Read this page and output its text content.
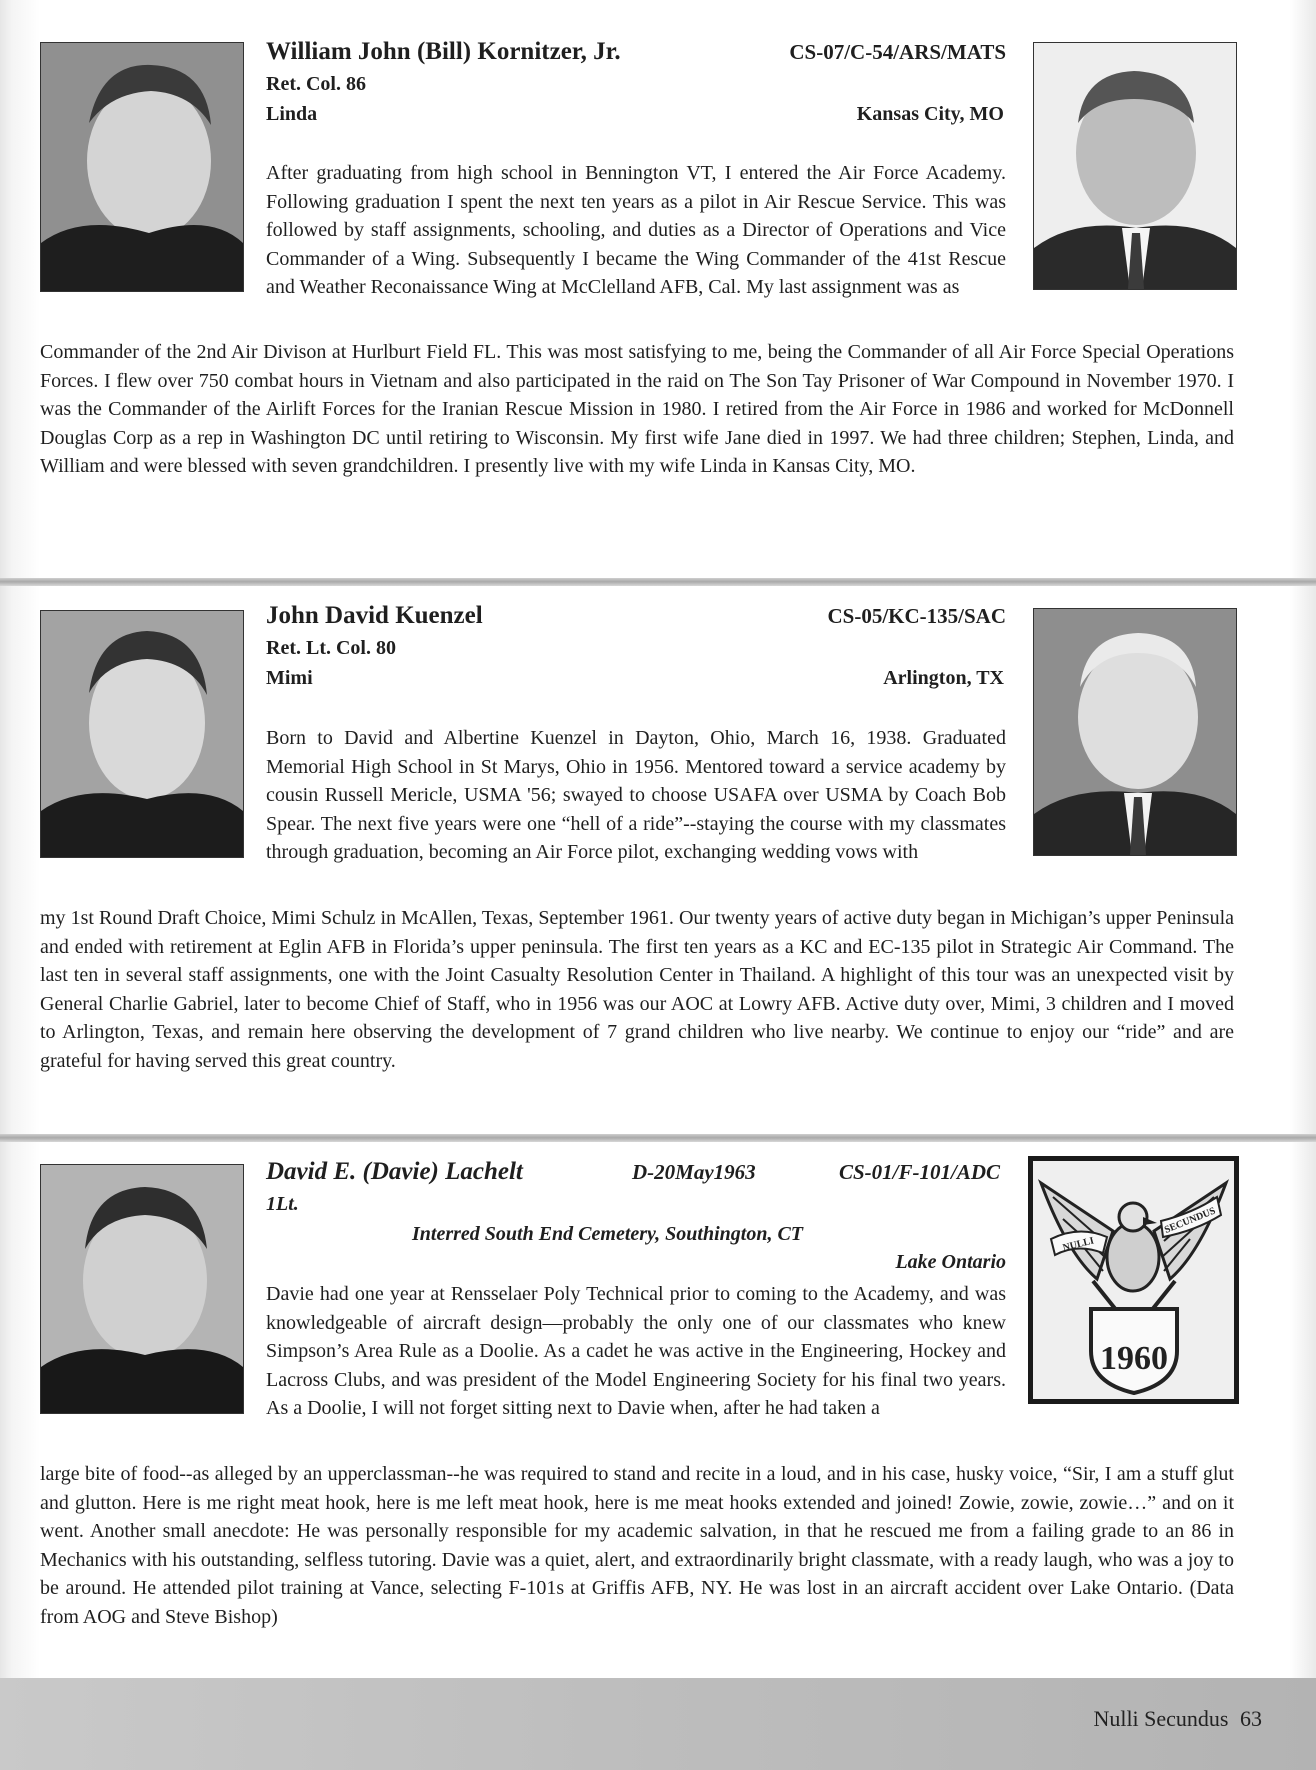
William John (Bill) Kornitzer, Jr.	CS-07/C-54/ARS/MATS
Ret. Col. 86
Linda	Kansas City, MO
After graduating from high school in Bennington VT, I entered the Air Force Academy. Following graduation I spent the next ten years as a pilot in Air Rescue Service. This was followed by staff assignments, schooling, and duties as a Director of Operations and Vice Commander of a Wing. Subsequently I became the Wing Commander of the 41st Rescue and Weather Reconaissance Wing at McClelland AFB, Cal. My last assignment was as
Commander of the 2nd Air Divison at Hurlburt Field FL. This was most satisfying to me, being the Commander of all Air Force Special Operations Forces. I flew over 750 combat hours in Vietnam and also participated in the raid on The Son Tay Prisoner of War Compound in November 1970. I was the Commander of the Airlift Forces for the Iranian Rescue Mission in 1980. I retired from the Air Force in 1986 and worked for McDonnell Douglas Corp as a rep in Washington DC until retiring to Wisconsin. My first wife Jane died in 1997. We had three children; Stephen, Linda, and William and were blessed with seven grandchildren. I presently live with my wife Linda in Kansas City, MO.
John David Kuenzel	CS-05/KC-135/SAC
Ret. Lt. Col. 80
Mimi	Arlington, TX
Born to David and Albertine Kuenzel in Dayton, Ohio, March 16, 1938. Graduated Memorial High School in St Marys, Ohio in 1956. Mentored toward a service academy by cousin Russell Mericle, USMA '56; swayed to choose USAFA over USMA by Coach Bob Spear. The next five years were one “hell of a ride”--staying the course with my classmates through graduation, becoming an Air Force pilot, exchanging wedding vows with
my 1st Round Draft Choice, Mimi Schulz in McAllen, Texas, September 1961. Our twenty years of active duty began in Michigan’s upper Peninsula and ended with retirement at Eglin AFB in Florida’s upper peninsula. The first ten years as a KC and EC-135 pilot in Strategic Air Command. The last ten in several staff assignments, one with the Joint Casualty Resolution Center in Thailand. A highlight of this tour was an unexpected visit by General Charlie Gabriel, later to become Chief of Staff, who in 1956 was our AOC at Lowry AFB. Active duty over, Mimi, 3 children and I moved to Arlington, Texas, and remain here observing the development of 7 grand children who live nearby. We continue to enjoy our “ride” and are grateful for having served this great country.
David E. (Davie) Lachelt	D-20May1963	CS-01/F-101/ADC
1Lt.
Interred South End Cemetery, Southington, CT
Lake Ontario
Davie had one year at Rensselaer Poly Technical prior to coming to the Academy, and was knowledgeable of aircraft design—probably the only one of our classmates who knew Simpson’s Area Rule as a Doolie. As a cadet he was active in the Engineering, Hockey and Lacross Clubs, and was president of the Model Engineering Society for his final two years. As a Doolie, I will not forget sitting next to Davie when, after he had taken a
large bite of food--as alleged by an upperclassman--he was required to stand and recite in a loud, and in his case, husky voice, “Sir, I am a stuff glut and glutton. Here is me right meat hook, here is me left meat hook, here is me meat hooks extended and joined! Zowie, zowie, zowie…” and on it went. Another small anecdote: He was personally responsible for my academic salvation, in that he rescued me from a failing grade to an 86 in Mechanics with his outstanding, selfless tutoring. Davie was a quiet, alert, and extraordinarily bright classmate, with a ready laugh, who was a joy to be around. He attended pilot training at Vance, selecting F-101s at Griffis AFB, NY. He was lost in an aircraft accident over Lake Ontario. (Data from AOG and Steve Bishop)
NULLI
SECUNDUS
1960
Nulli Secundus 63
